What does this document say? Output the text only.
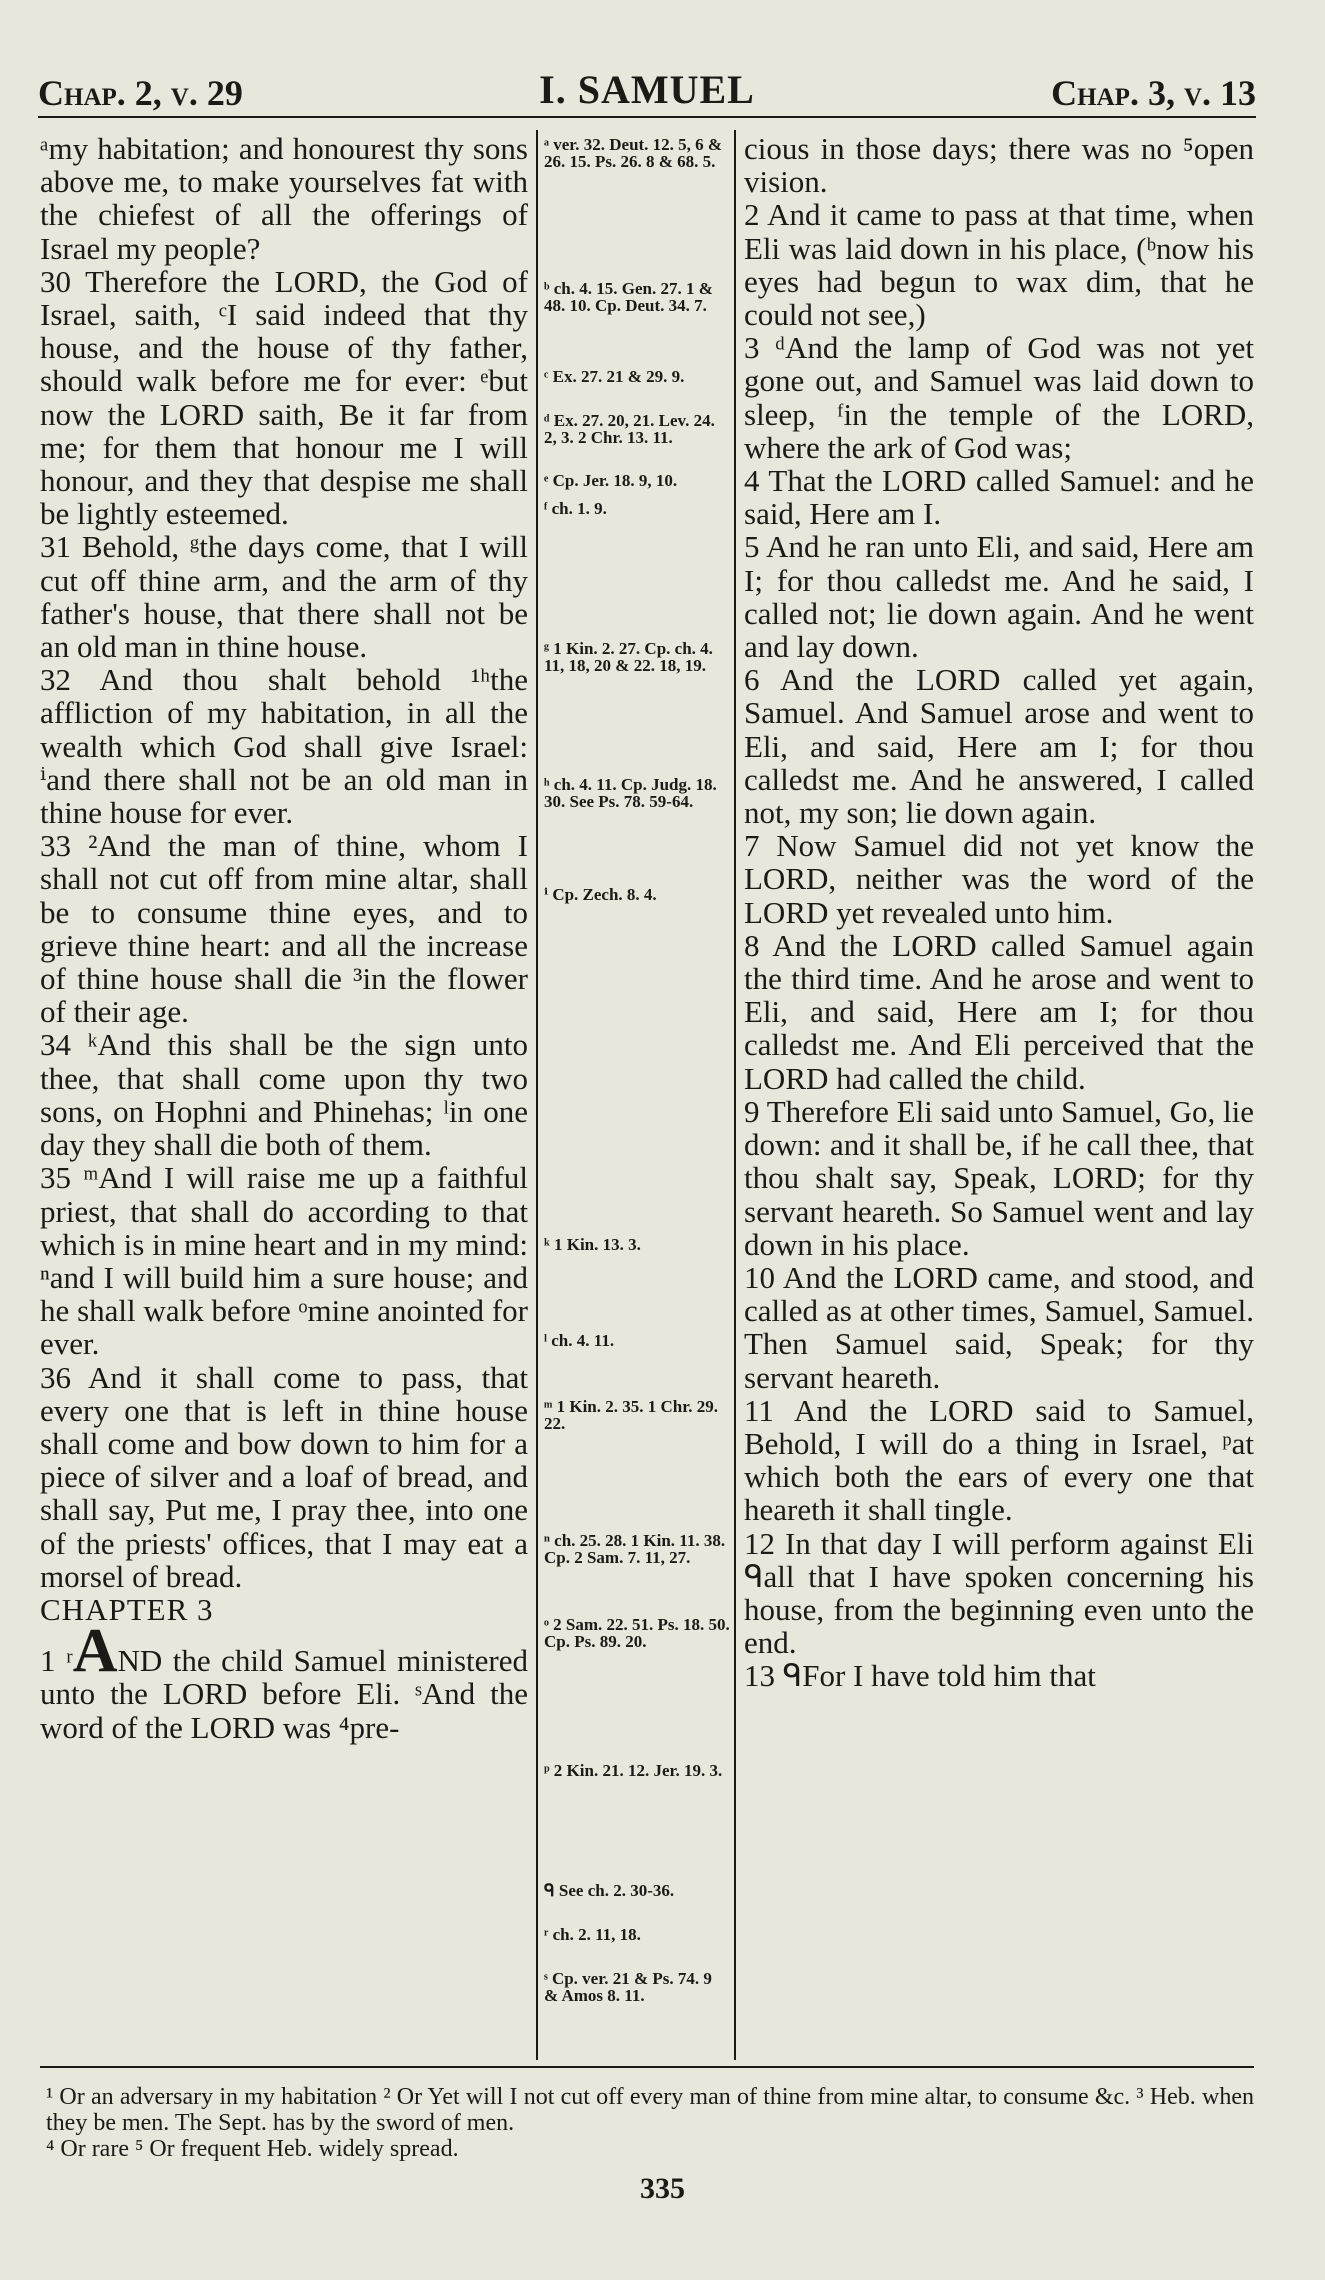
Chap. 2, v. 29	I. SAMUEL	Chap. 3, v. 13

ᵃmy habitation; and honourest thy sons above me, to make yourselves fat with the chiefest of all the offerings of Israel my people?

30 Therefore the LORD, the God of Israel, saith, ᶜI said indeed that thy house, and the house of thy father, should walk before me for ever: ᵉbut now the LORD saith, Be it far from me; for them that honour me I will honour, and they that despise me shall be lightly esteemed.

31 Behold, ᵍthe days come, that I will cut off thine arm, and the arm of thy father's house, that there shall not be an old man in thine house.

32 And thou shalt behold ¹ʰthe affliction of my habitation, in all the wealth which God shall give Israel: ⁱand there shall not be an old man in thine house for ever.

33 ²And the man of thine, whom I shall not cut off from mine altar, shall be to consume thine eyes, and to grieve thine heart: and all the increase of thine house shall die ³in the flower of their age.

34 ᵏAnd this shall be the sign unto thee, that shall come upon thy two sons, on Hophni and Phinehas; ˡin one day they shall die both of them.

35 ᵐAnd I will raise me up a faithful priest, that shall do according to that which is in mine heart and in my mind: ⁿand I will build him a sure house; and he shall walk before ᵒmine anointed for ever.

36 And it shall come to pass, that every one that is left in thine house shall come and bow down to him for a piece of silver and a loaf of bread, and shall say, Put me, I pray thee, into one of the priests' offices, that I may eat a morsel of bread.

CHAPTER 3

1 ʳAND the child Samuel ministered unto the LORD before Eli. ˢAnd the word of the LORD was ⁴pre-

ᵃ ver. 32. Deut. 12. 5, 6 & 26. 15. Ps. 26. 8 & 68. 5.
ᵇ ch. 4. 15. Gen. 27. 1 & 48. 10. Cp. Deut. 34. 7.
ᶜ Ex. 27. 21 & 29. 9.
ᵈ Ex. 27. 20, 21. Lev. 24. 2, 3. 2 Chr. 13. 11.
ᵉ Cp. Jer. 18. 9, 10.
ᶠ ch. 1. 9.
ᵍ 1 Kin. 2. 27. Cp. ch. 4. 11, 18, 20 & 22. 18, 19.
ʰ ch. 4. 11. Cp. Judg. 18. 30. See Ps. 78. 59-64.
ⁱ Cp. Zech. 8. 4.
ᵏ 1 Kin. 13. 3.
ˡ ch. 4. 11.
ᵐ 1 Kin. 2. 35. 1 Chr. 29. 22.
ⁿ ch. 25. 28. 1 Kin. 11. 38. Cp. 2 Sam. 7. 11, 27.
ᵒ 2 Sam. 22. 51. Ps. 18. 50. Cp. Ps. 89. 20.
ᵖ 2 Kin. 21. 12. Jer. 19. 3.
ᑫ See ch. 2. 30-36.
ʳ ch. 2. 11, 18.
ˢ Cp. ver. 21 & Ps. 74. 9 & Amos 8. 11.

cious in those days; there was no ⁵open vision.

2 And it came to pass at that time, when Eli was laid down in his place, (ᵇnow his eyes had begun to wax dim, that he could not see,)

3 ᵈAnd the lamp of God was not yet gone out, and Samuel was laid down to sleep, ᶠin the temple of the LORD, where the ark of God was;

4 That the LORD called Samuel: and he said, Here am I.

5 And he ran unto Eli, and said, Here am I; for thou calledst me. And he said, I called not; lie down again. And he went and lay down.

6 And the LORD called yet again, Samuel. And Samuel arose and went to Eli, and said, Here am I; for thou calledst me. And he answered, I called not, my son; lie down again.

7 Now Samuel did not yet know the LORD, neither was the word of the LORD yet revealed unto him.

8 And the LORD called Samuel again the third time. And he arose and went to Eli, and said, Here am I; for thou calledst me. And Eli perceived that the LORD had called the child.

9 Therefore Eli said unto Samuel, Go, lie down: and it shall be, if he call thee, that thou shalt say, Speak, LORD; for thy servant heareth. So Samuel went and lay down in his place.

10 And the LORD came, and stood, and called as at other times, Samuel, Samuel. Then Samuel said, Speak; for thy servant heareth.

11 And the LORD said to Samuel, Behold, I will do a thing in Israel, ᵖat which both the ears of every one that heareth it shall tingle.

12 In that day I will perform against Eli ᑫall that I have spoken concerning his house, from the beginning even unto the end.

13 ᑫFor I have told him that

¹ Or an adversary in my habitation ² Or Yet will I not cut off every man of thine from mine altar, to consume &c. ³ Heb. when they be men. The Sept. has by the sword of men.

⁴ Or rare ⁵ Or frequent Heb. widely spread.

335
